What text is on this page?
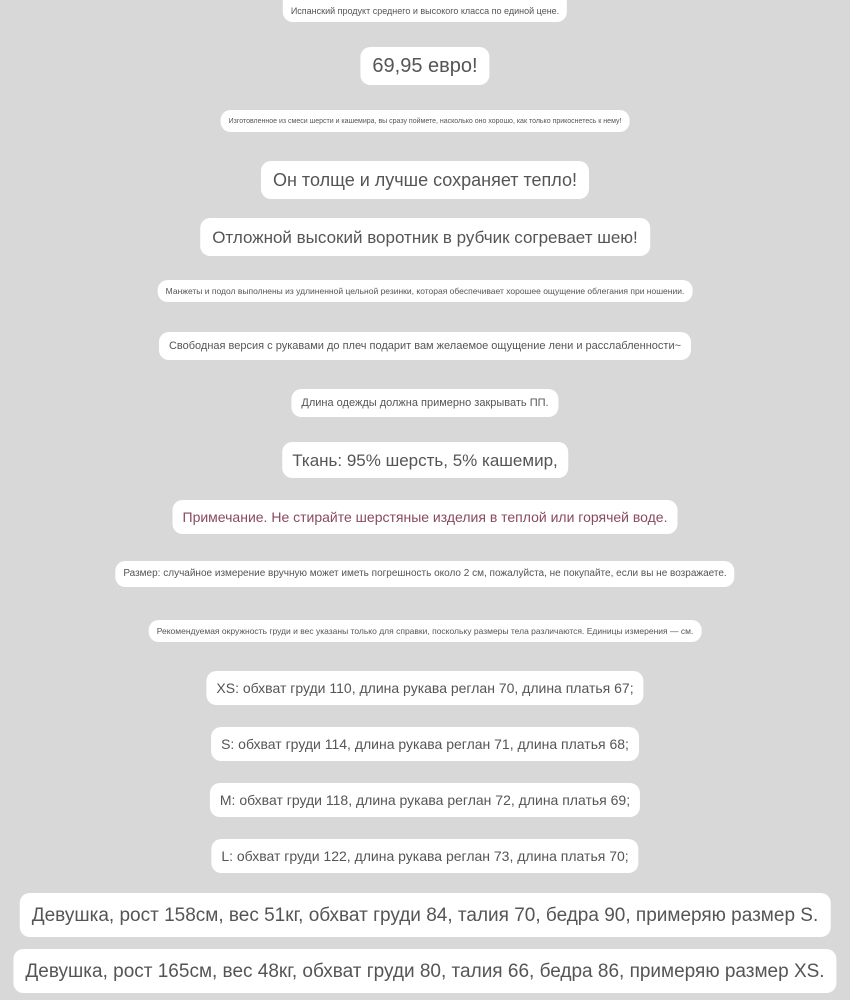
Испанский продукт среднего и высокого класса по единой цене.
69,95 евро!
Изготовленное из смеси шерсти и кашемира, вы сразу поймете, насколько оно хорошо, как только прикоснетесь к нему!
Он толще и лучше сохраняет тепло!
Отложной высокий воротник в рубчик согревает шею!
Манжеты и подол выполнены из удлиненной цельной резинки, которая обеспечивает хорошее ощущение облегания при ношении.
Свободная версия с рукавами до плеч подарит вам желаемое ощущение лени и расслабленности~
Длина одежды должна примерно закрывать ПП.
Ткань: 95% шерсть, 5% кашемир,
Примечание. Не стирайте шерстяные изделия в теплой или горячей воде.
Размер: случайное измерение вручную может иметь погрешность около 2 см, пожалуйста, не покупайте, если вы не возражаете.
Рекомендуемая окружность груди и вес указаны только для справки, поскольку размеры тела различаются. Единицы измерения — см.
XS: обхват груди 110, длина рукава реглан 70, длина платья 67;
S: обхват груди 114, длина рукава реглан 71, длина платья 68;
M: обхват груди 118, длина рукава реглан 72, длина платья 69;
L: обхват груди 122, длина рукава реглан 73, длина платья 70;
Девушка, рост 158см, вес 51кг, обхват груди 84, талия 70, бедра 90, примеряю размер S.
Девушка, рост 165см, вес 48кг, обхват груди 80, талия 66, бедра 86, примеряю размер XS.
